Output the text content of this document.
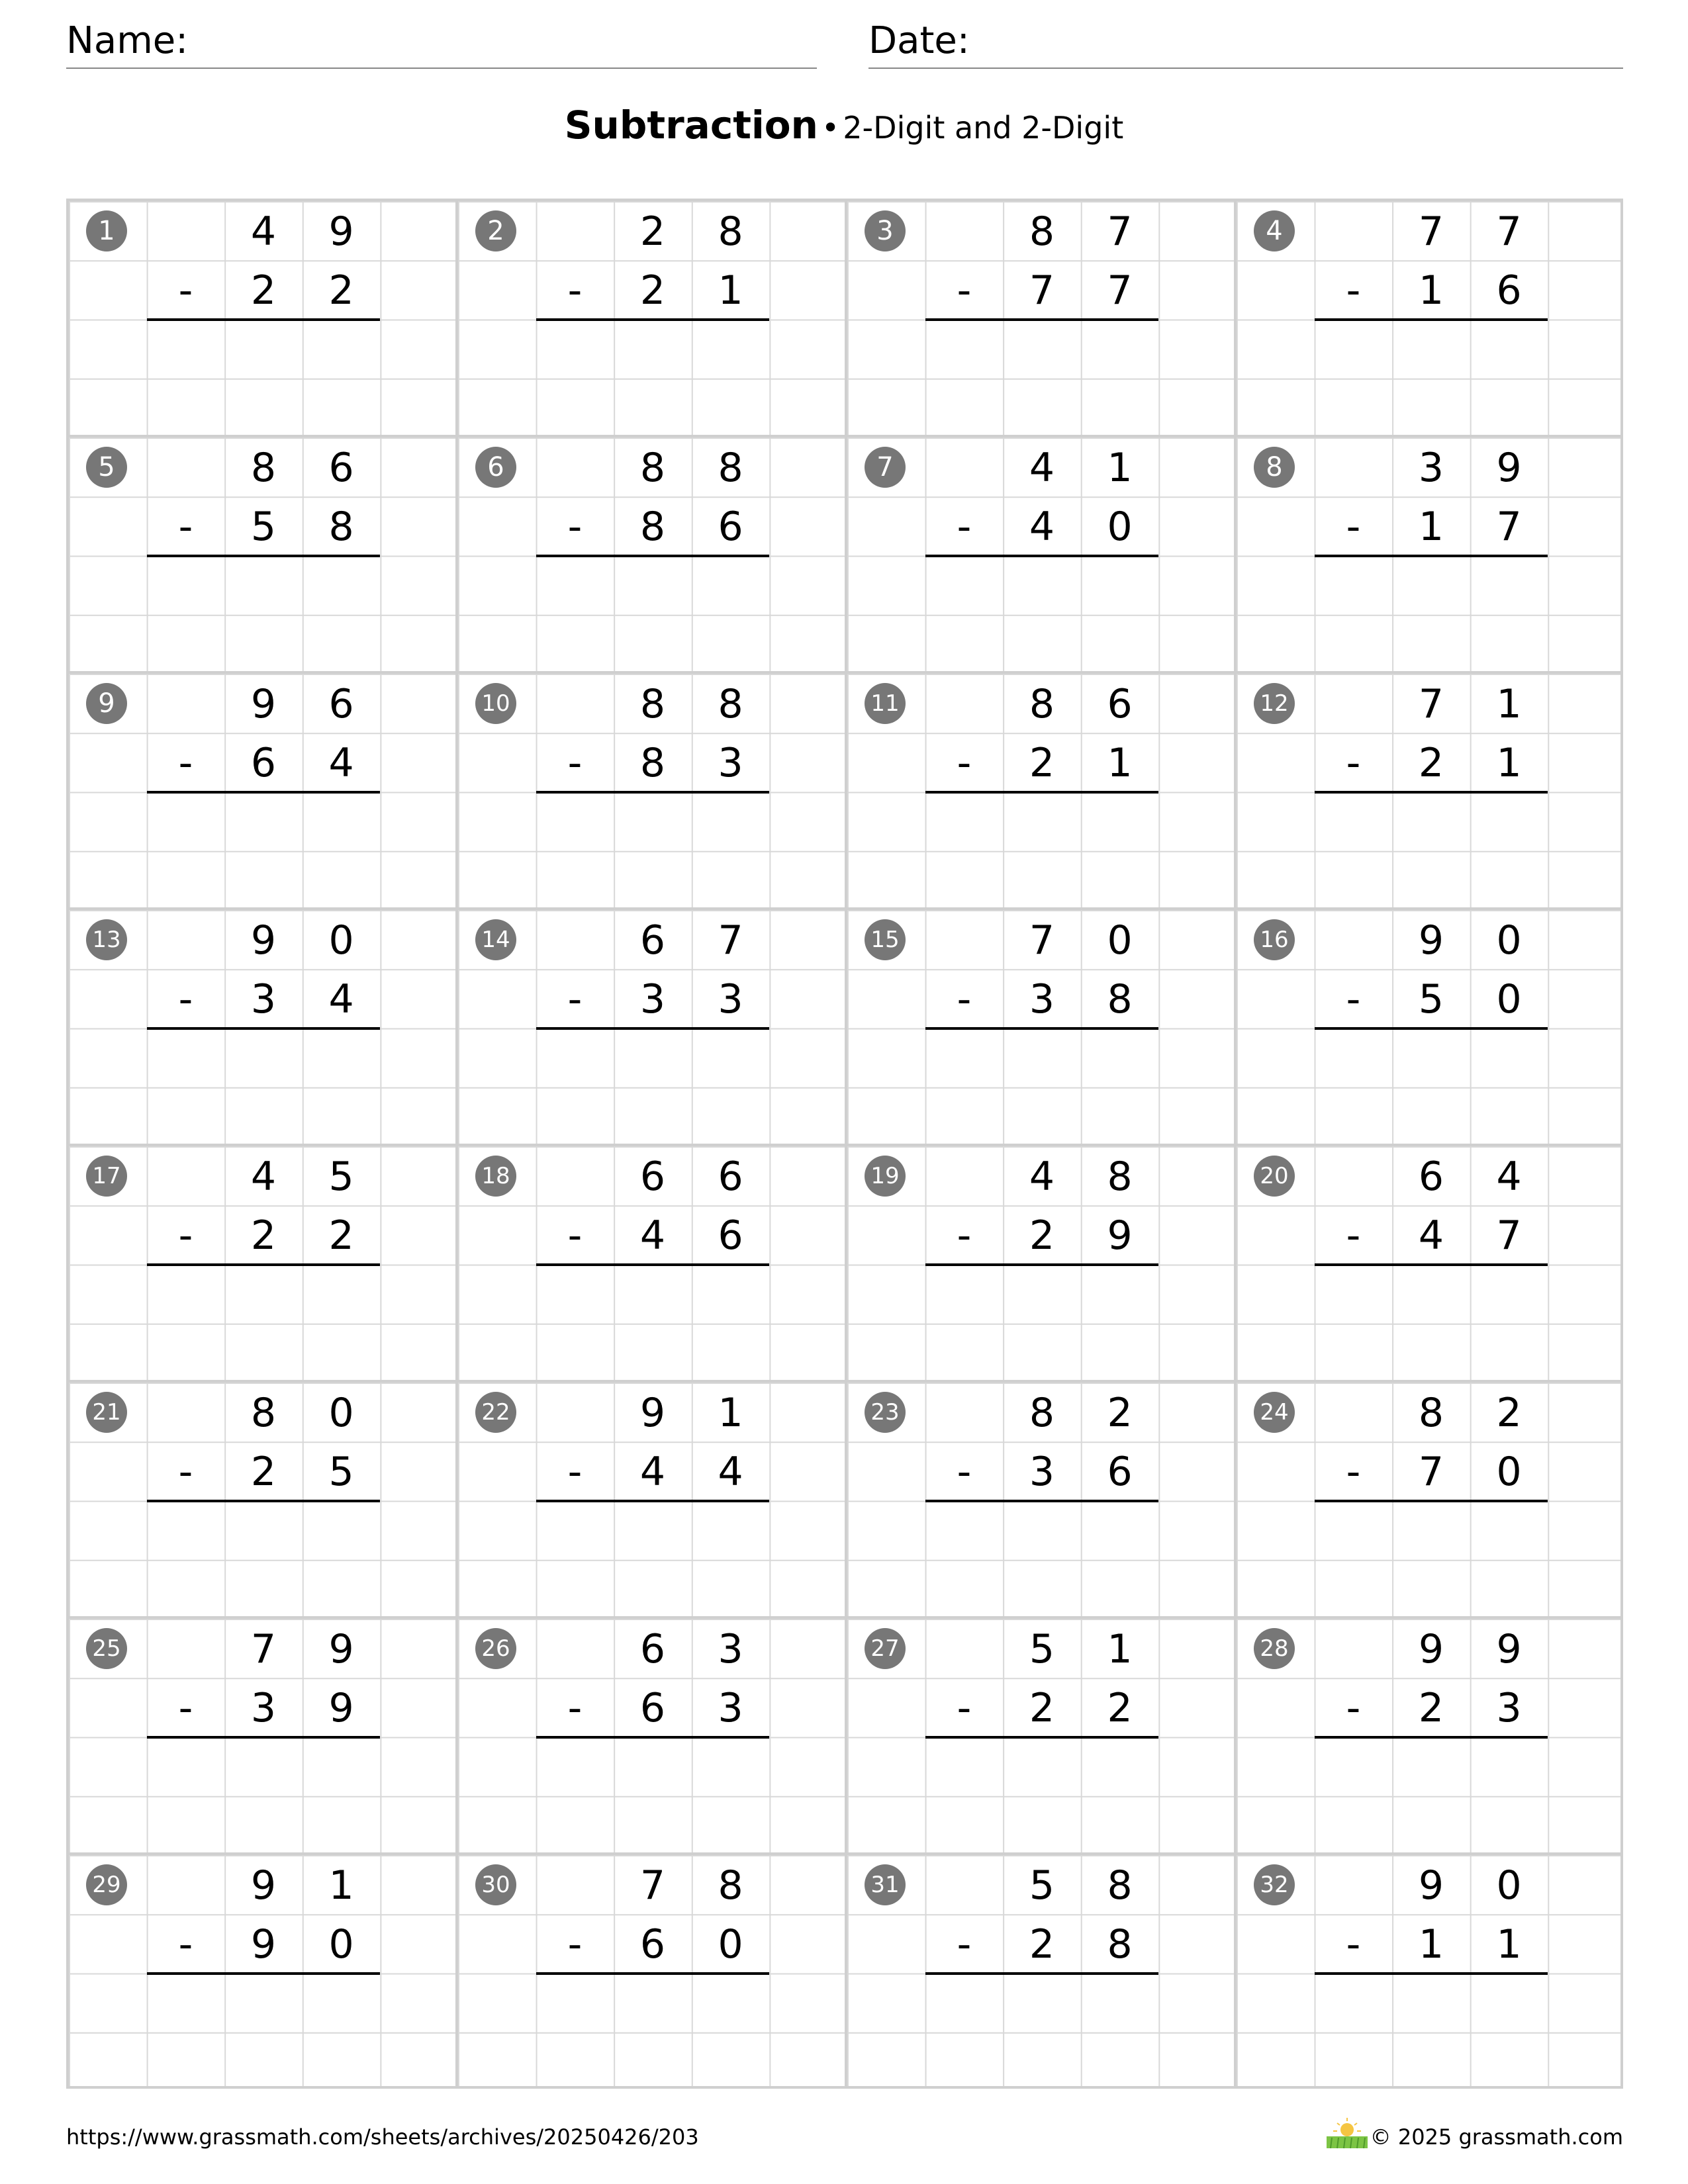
Name:	Date:
Subtraction • 2-Digit and 2-Digit
1	4 9
-	2 2
2	2 8
-	2 1
3	8 7
-	7 7
4	7 7
-	1 6
5	8 6
-	5 8
6	8 8
-	8 6
7	4 1
-	4 0
8	3 9
-	1 7
9	9 6
-	6 4
10	8 8
-	8 3
11	8 6
-	2 1
12	7 1
-	2 1
13	9 0
-	3 4
14	6 7
-	3 3
15	7 0
-	3 8
16	9 0
-	5 0
17	4 5
-	2 2
18	6 6
-	4 6
19	4 8
-	2 9
20	6 4
-	4 7
21	8 0
-	2 5
22	9 1
-	4 4
23	8 2
-	3 6
24	8 2
-	7 0
25	7 9
-	3 9
26	6 3
-	6 3
27	5 1
-	2 2
28	9 9
-	2 3
29	9 1
-	9 0
30	7 8
-	6 0
31	5 8
-	2 8
32	9 0
-	1 1
https://www.grassmath.com/sheets/archives/20250426/203	© 2025 grassmath.com
